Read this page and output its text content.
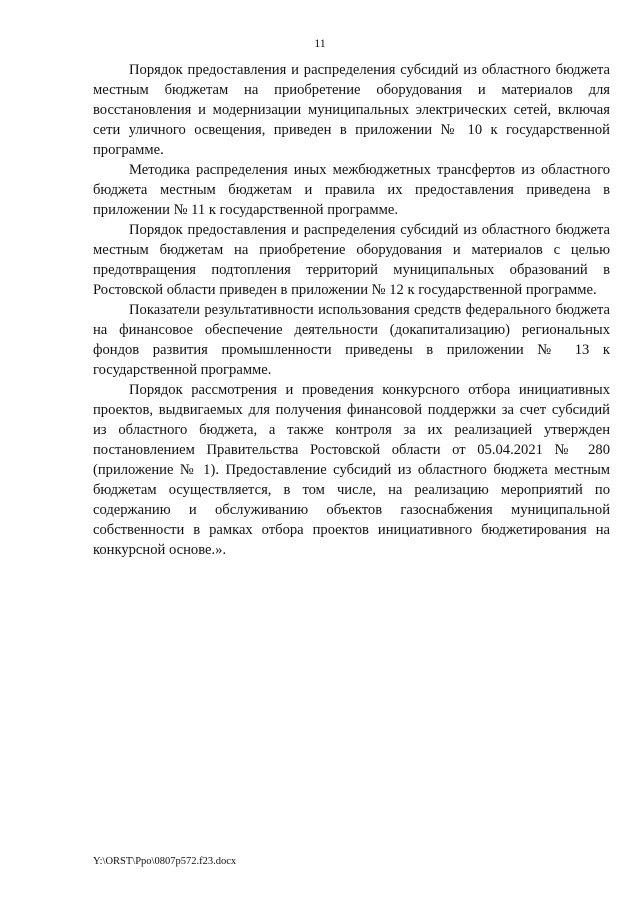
11

Порядок предоставления и распределения субсидий из областного бюджета местным бюджетам на приобретение оборудования и материалов для восстановления и модернизации муниципальных электрических сетей, включая сети уличного освещения, приведен в приложении № 10 к государственной программе.

Методика распределения иных межбюджетных трансфертов из областного бюджета местным бюджетам и правила их предоставления приведена в приложении № 11 к государственной программе.

Порядок предоставления и распределения субсидий из областного бюджета местным бюджетам на приобретение оборудования и материалов с целью предотвращения подтопления территорий муниципальных образований в Ростовской области приведен в приложении № 12 к государственной программе.

Показатели результативности использования средств федерального бюджета на финансовое обеспечение деятельности (докапитализацию) региональных фондов развития промышленности приведены в приложении № 13 к государственной программе.

Порядок рассмотрения и проведения конкурсного отбора инициативных проектов, выдвигаемых для получения финансовой поддержки за счет субсидий из областного бюджета, а также контроля за их реализацией утвержден постановлением Правительства Ростовской области от 05.04.2021 № 280 (приложение № 1). Предоставление субсидий из областного бюджета местным бюджетам осуществляется, в том числе, на реализацию мероприятий по содержанию и обслуживанию объектов газоснабжения муниципальной собственности в рамках отбора проектов инициативного бюджетирования на конкурсной основе.».

Y:\ORST\Ppo\0807p572.f23.docx
